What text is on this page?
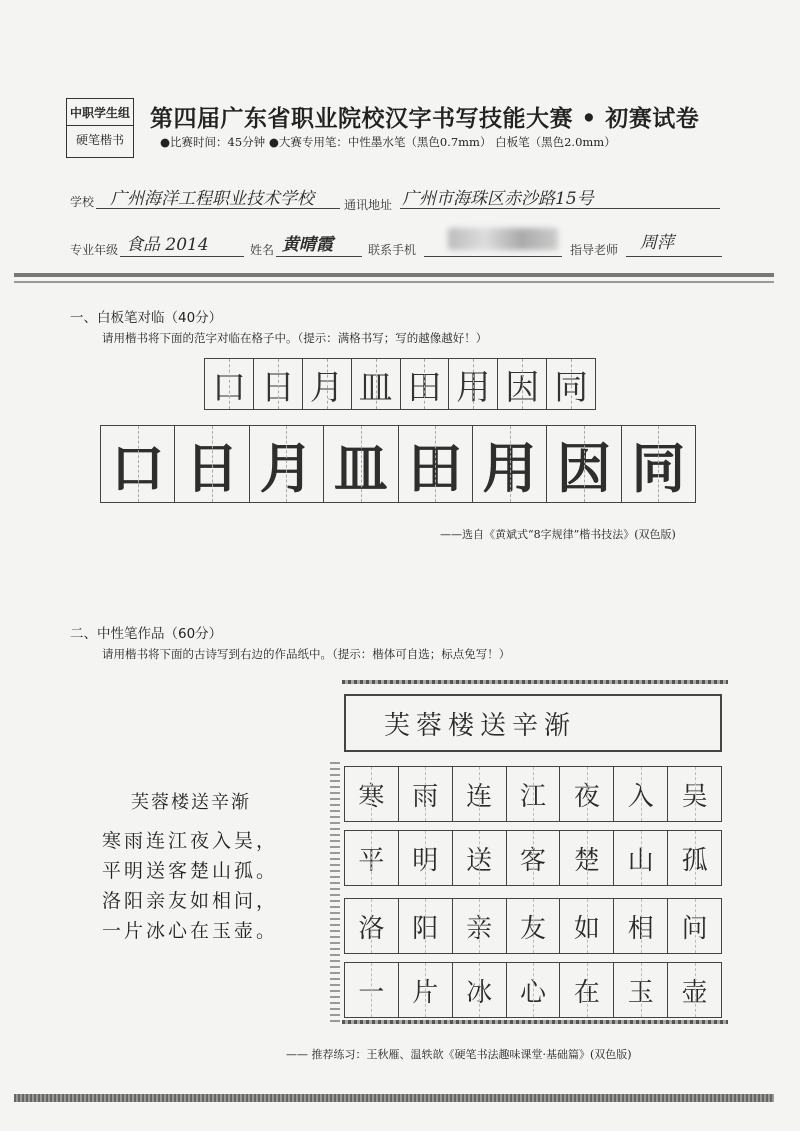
中职学生组
硬笔楷书
第四届广东省职业院校汉字书写技能大赛 • 初赛试卷
●比赛时间：45分钟 ●大赛专用笔：中性墨水笔（黑色0.7mm） 白板笔（黑色2.0mm）
学校 广州海洋工程职业技术学校	通讯地址 广州市海珠区赤沙路15号
专业年级 食品 2014	姓名 黄晴霞	联系手机	指导老师 周萍
一、白板笔对临（40分）
请用楷书将下面的范字对临在格子中。（提示：满格书写；写的越像越好！）
口 日 月 皿 田 用 因 同
口 日 月 皿 田 用 因 同
——选自《黄斌式“8字规律”楷书技法》(双色版)
二、中性笔作品（60分）
请用楷书将下面的古诗写到右边的作品纸中。（提示：楷体可自选；标点免写！）
芙蓉楼送辛渐
寒雨连江夜入吴，
平明送客楚山孤。
洛阳亲友如相问，
一片冰心在玉壶。
芙蓉楼送辛渐
寒	雨	连	江	夜	入	吴
平	明	送	客	楚	山	孤
洛	阳	亲	友	如	相	问
一	片	冰	心	在	玉	壶
—— 推荐练习：王秋雁、温轶歆《硬笔书法趣味课堂·基础篇》(双色版)
